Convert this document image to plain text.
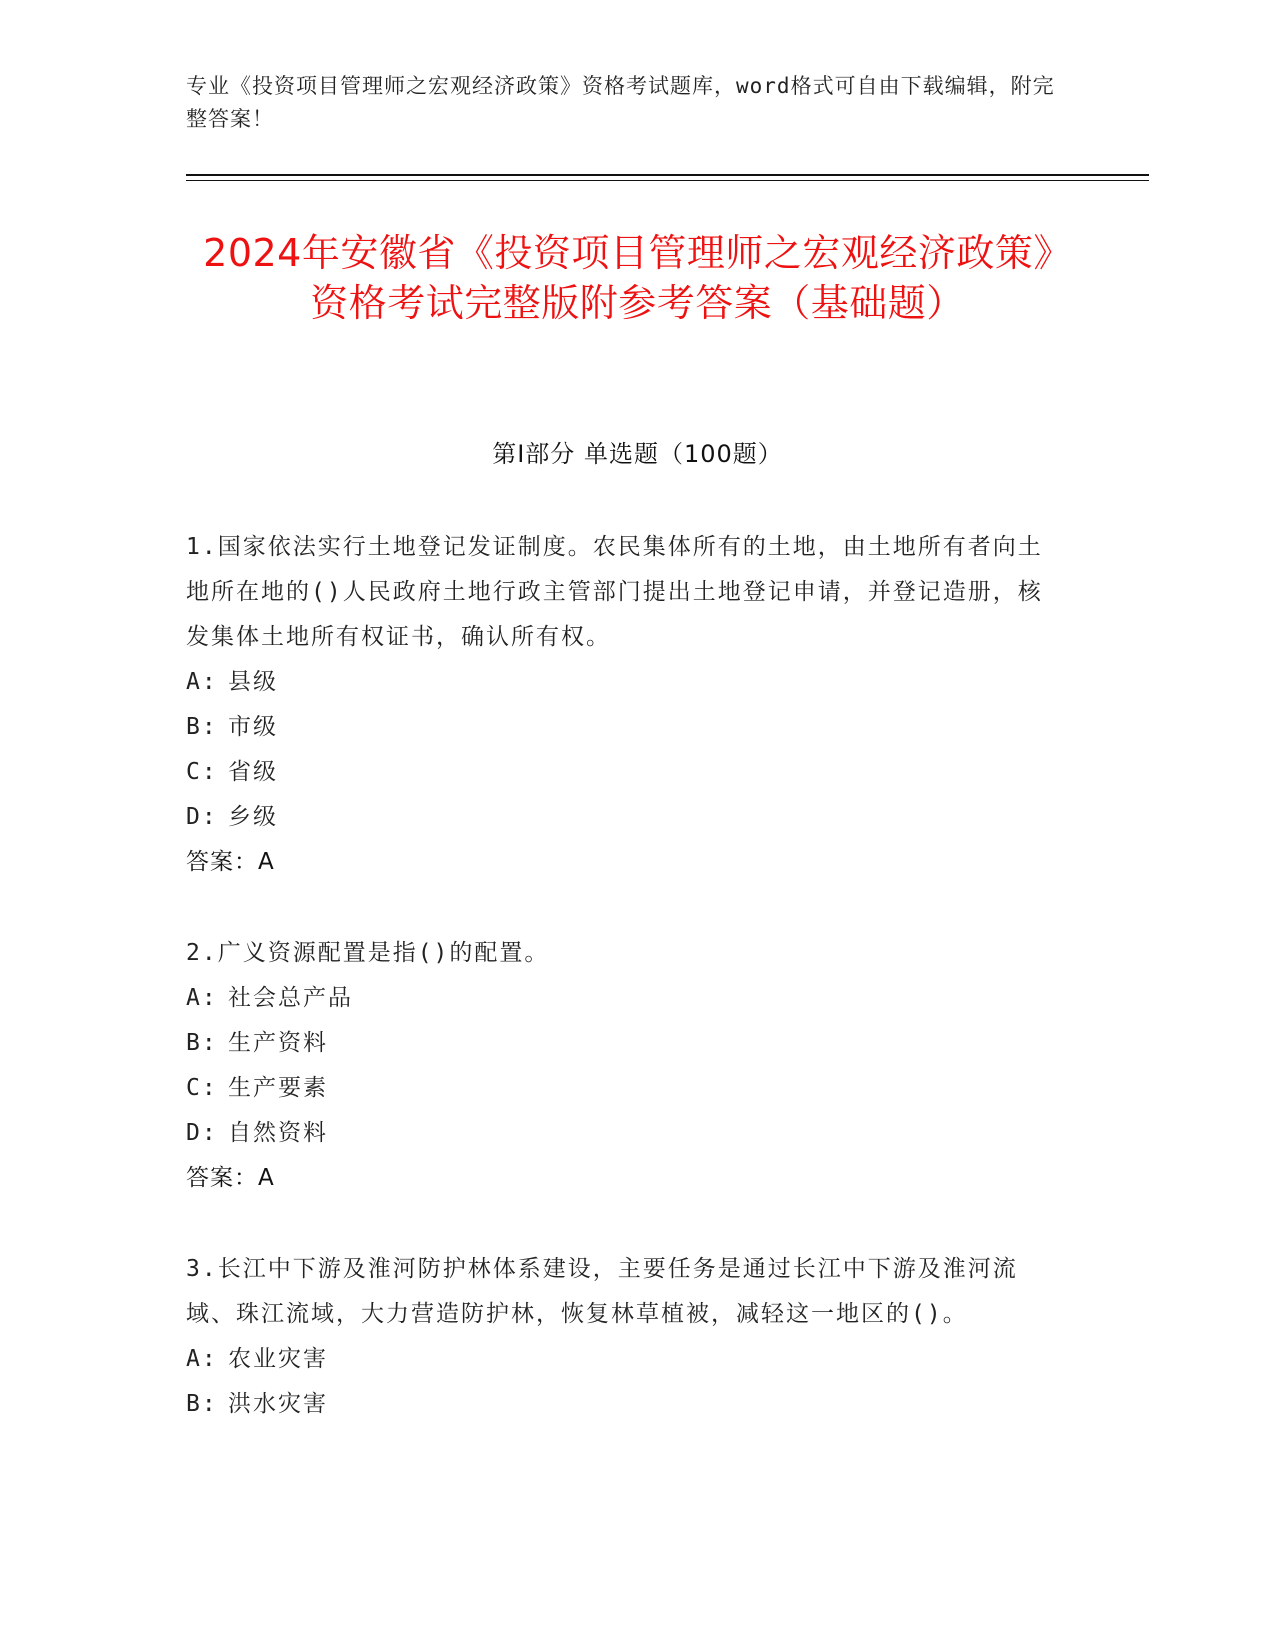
专业《投资项目管理师之宏观经济政策》资格考试题库，word格式可自由下载编辑，附完整答案！
2024年安徽省《投资项目管理师之宏观经济政策》资格考试完整版附参考答案（基础题）
第I部分 单选题（100题）

1.国家依法实行土地登记发证制度。农民集体所有的土地，由土地所有者向土地所在地的()人民政府土地行政主管部门提出土地登记申请，并登记造册，核发集体土地所有权证书，确认所有权。

A: 县级
B: 市级
C: 省级
D: 乡级
答案：A

2.广义资源配置是指()的配置。

A: 社会总产品
B: 生产资料
C: 生产要素
D: 自然资料
答案：A

3.长江中下游及淮河防护林体系建设，主要任务是通过长江中下游及淮河流域、珠江流域，大力营造防护林，恢复林草植被，减轻这一地区的()。

A: 农业灾害
B: 洪水灾害
